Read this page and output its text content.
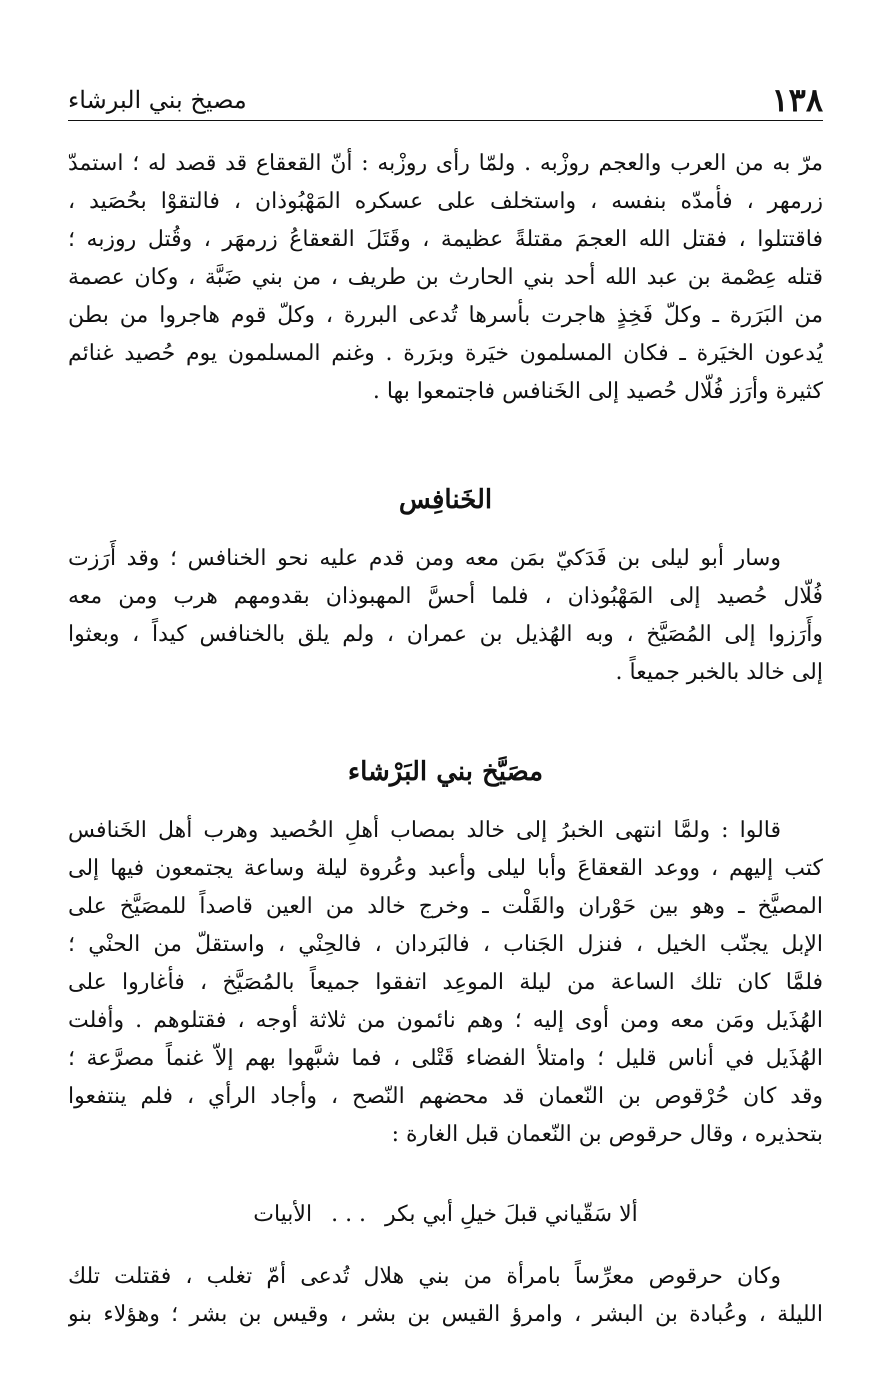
١٣٨
مصيخ بني البرشاء
مرّ به من العرب والعجم روزْبه . ولمّا رأى روزْبه : أنّ القعقاع قد قصد له ؛ استمدّ
زرمهر ، فأمدّه بنفسه ، واستخلف على عسكره المَهْبُوذان ، فالتقوْا بحُصَيد ،
فاقتتلوا ، فقتل الله العجمَ مقتلةً عظيمة ، وقَتَلَ القعقاعُ زرمهَر ، وقُتل روزبه ؛
قتله عِصْمة بن عبد الله أحد بني الحارث بن طريف ، من بني ضَبَّة ، وكان عصمة
من البَرَرة ـ وكلّ فَخِذٍ هاجرت بأسرها تُدعى البررة ، وكلّ قوم هاجروا من بطن
يُدعون الخيَرة ـ فكان المسلمون خيَرة وبرَرة . وغنم المسلمون يوم حُصيد غنائم
كثيرة وأرَز فُلّال حُصيد إلى الخَنافس فاجتمعوا بها .
الخَنافِس
وسار أبو ليلى بن فَدَكيّ بمَن معه ومن قدم عليه نحو الخنافس ؛ وقد أَرَزت
فُلّال حُصيد إلى المَهْبُوذان ، فلما أحسَّ المهبوذان بقدومهم هرب ومن معه
وأَرَزوا إلى المُصَيَّخ ، وبه الهُذيل بن عمران ، ولم يلق بالخنافس كيداً ، وبعثوا
إلى خالد بالخبر جميعاً .
مصَيَّخ بني البَرْشاء
قالوا : ولمَّا انتهى الخبرُ إلى خالد بمصاب أهلِ الحُصيد وهرب أهل الخَنافس
كتب إليهم ، ووعد القعقاعَ وأبا ليلى وأعبد وعُروة ليلة وساعة يجتمعون فيها إلى
المصيَّخ ـ وهو بين حَوْران والقَلْت ـ وخرج خالد من العين قاصداً للمصَيَّخ على
الإبل يجنّب الخيل ، فنزل الجَناب ، فالبَردان ، فالحِنْي ، واستقلّ من الحنْي ؛
فلمَّا كان تلك الساعة من ليلة الموعِد اتفقوا جميعاً بالمُصَيَّخ ، فأغاروا على
الهُذَيل ومَن معه ومن أوى إليه ؛ وهم نائمون من ثلاثة أوجه ، فقتلوهم . وأفلت
الهُذَيل في أناس قليل ؛ وامتلأ الفضاء قَتْلى ، فما شبَّهوا بهم إلاّ غنماً مصرَّعة ؛
وقد كان حُرْقوص بن النّعمان قد محضهم النّصح ، وأجاد الرأي ، فلم ينتفعوا
بتحذيره ، وقال حرقوص بن النّعمان قبل الغارة :
ألا سَقّياني قبلَ خيلِ أبي بكر . . . الأبيات
وكان حرقوص معرِّساً بامرأة من بني هلال تُدعى أمّ تغلب ، فقتلت تلك
الليلة ، وعُبادة بن البشر ، وامرؤ القيس بن بشر ، وقيس بن بشر ؛ وهؤلاء بنو
